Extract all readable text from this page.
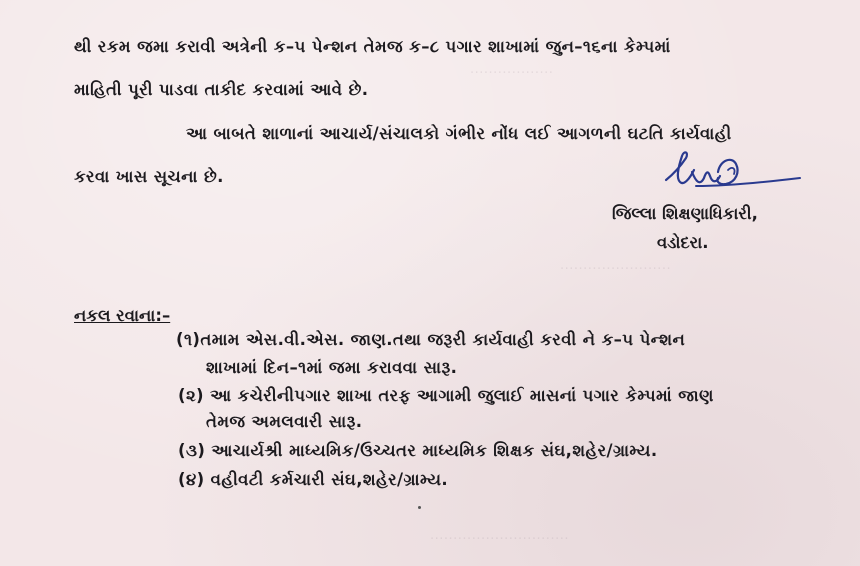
··················
························
······························
થી રકમ જમા કરાવી અત્રેની ક–૫ પેન્શન તેમજ ક–૮ પગાર શાખામાં જુન–૧૬ના કેમ્પમાં
માહિતી પૂરી પાડવા તાકીદ કરવામાં આવે છે.
આ બાબતે શાળાનાં આચાર્ય/સંચાલકો ગંભીર નોંધ લઈ આગળની ઘટતિ કાર્યવાહી
કરવા ખાસ સૂચના છે.
જિલ્લા શિક્ષણાધિકારી,
વડોદરા.
નકલ રવાના:–
(૧)તમામ એસ.વી.એસ. જાણ.તથા જરૂરી કાર્યવાહી કરવી ને ક–૫ પેન્શન
શાખામાં દિન–૧માં જમા કરાવવા સારૂ.
(૨) આ કચેરીનીપગાર શાખા તરફ આગામી જુલાઈ માસનાં પગાર કેમ્પમાં જાણ
તેમજ અમલવારી સારૂ.
(૩) આચાર્યશ્રી માધ્યમિક/ઉચ્ચતર માધ્યમિક શિક્ષક સંઘ,શહેર/ગ્રામ્ય.
(૪) વહીવટી કર્મચારી સંઘ,શહેર/ગ્રામ્ય.
